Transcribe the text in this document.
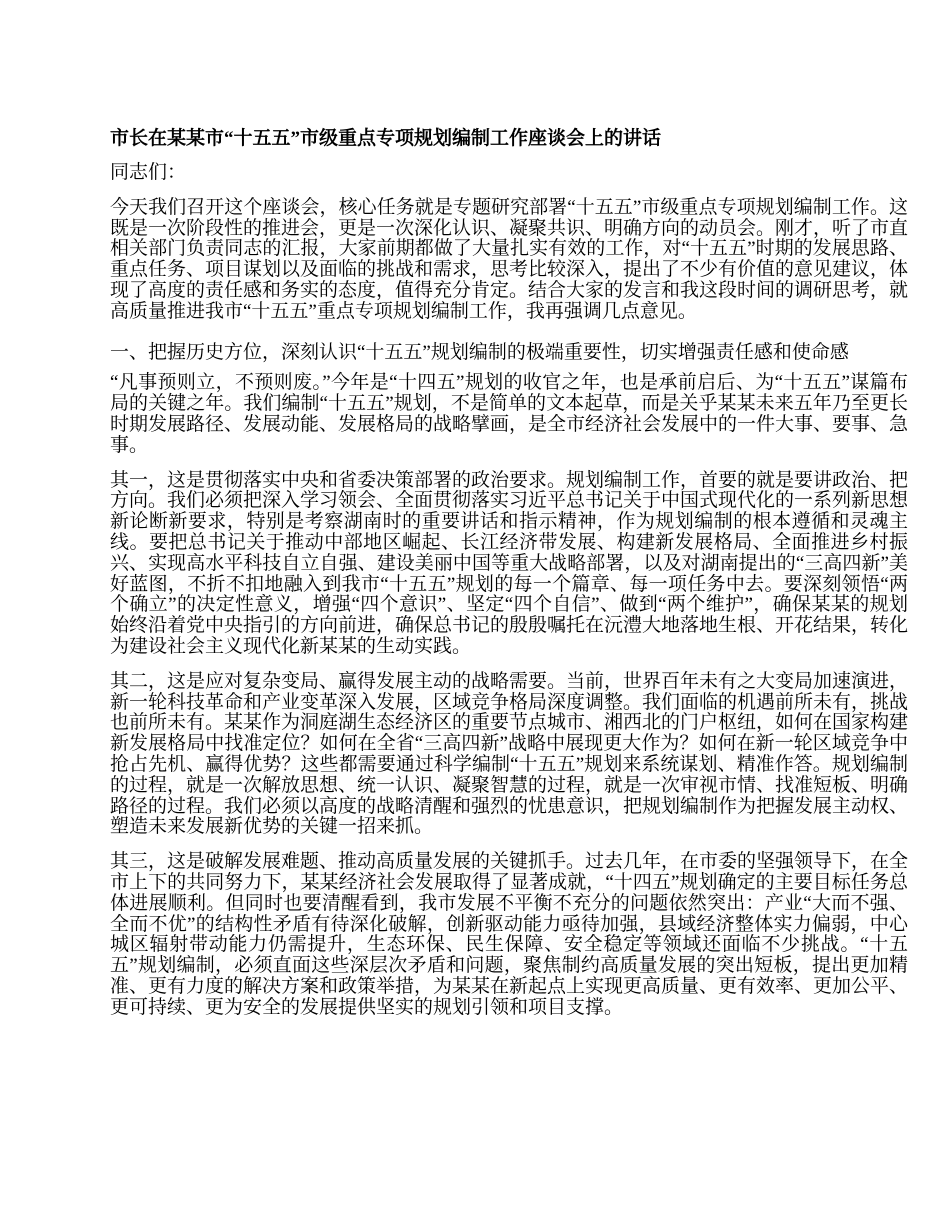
市长在某某市“十五五”市级重点专项规划编制工作座谈会上的讲话

同志们：

今天我们召开这个座谈会，核心任务就是专题研究部署“十五五”市级重点专项规划编制工作。这既是一次阶段性的推进会，更是一次深化认识、凝聚共识、明确方向的动员会。刚才，听了市直相关部门负责同志的汇报，大家前期都做了大量扎实有效的工作，对“十五五”时期的发展思路、重点任务、项目谋划以及面临的挑战和需求，思考比较深入，提出了不少有价值的意见建议，体现了高度的责任感和务实的态度，值得充分肯定。结合大家的发言和我这段时间的调研思考，就高质量推进我市“十五五”重点专项规划编制工作，我再强调几点意见。

一、把握历史方位，深刻认识“十五五”规划编制的极端重要性，切实增强责任感和使命感

“凡事预则立，不预则废。”今年是“十四五”规划的收官之年，也是承前启后、为“十五五”谋篇布局的关键之年。我们编制“十五五”规划，不是简单的文本起草，而是关乎某某未来五年乃至更长时期发展路径、发展动能、发展格局的战略擘画，是全市经济社会发展中的一件大事、要事、急事。

其一，这是贯彻落实中央和省委决策部署的政治要求。规划编制工作，首要的就是要讲政治、把方向。我们必须把深入学习领会、全面贯彻落实习近平总书记关于中国式现代化的一系列新思想新论断新要求，特别是考察湖南时的重要讲话和指示精神，作为规划编制的根本遵循和灵魂主线。要把总书记关于推动中部地区崛起、长江经济带发展、构建新发展格局、全面推进乡村振兴、实现高水平科技自立自强、建设美丽中国等重大战略部署，以及对湖南提出的“三高四新”美好蓝图，不折不扣地融入到我市“十五五”规划的每一个篇章、每一项任务中去。要深刻领悟“两个确立”的决定性意义，增强“四个意识”、坚定“四个自信”、做到“两个维护”，确保某某的规划始终沿着党中央指引的方向前进，确保总书记的殷殷嘱托在沅澧大地落地生根、开花结果，转化为建设社会主义现代化新某某的生动实践。

其二，这是应对复杂变局、赢得发展主动的战略需要。当前，世界百年未有之大变局加速演进，新一轮科技革命和产业变革深入发展，区域竞争格局深度调整。我们面临的机遇前所未有，挑战也前所未有。某某作为洞庭湖生态经济区的重要节点城市、湘西北的门户枢纽，如何在国家构建新发展格局中找准定位？如何在全省“三高四新”战略中展现更大作为？如何在新一轮区域竞争中抢占先机、赢得优势？这些都需要通过科学编制“十五五”规划来系统谋划、精准作答。规划编制的过程，就是一次解放思想、统一认识、凝聚智慧的过程，就是一次审视市情、找准短板、明确路径的过程。我们必须以高度的战略清醒和强烈的忧患意识，把规划编制作为把握发展主动权、塑造未来发展新优势的关键一招来抓。

其三，这是破解发展难题、推动高质量发展的关键抓手。过去几年，在市委的坚强领导下，在全市上下的共同努力下，某某经济社会发展取得了显著成就，“十四五”规划确定的主要目标任务总体进展顺利。但同时也要清醒看到，我市发展不平衡不充分的问题依然突出：产业“大而不强、全而不优”的结构性矛盾有待深化破解，创新驱动能力亟待加强，县域经济整体实力偏弱，中心城区辐射带动能力仍需提升，生态环保、民生保障、安全稳定等领域还面临不少挑战。“十五五”规划编制，必须直面这些深层次矛盾和问题，聚焦制约高质量发展的突出短板，提出更加精准、更有力度的解决方案和政策举措，为某某在新起点上实现更高质量、更有效率、更加公平、更可持续、更为安全的发展提供坚实的规划引领和项目支撑。
